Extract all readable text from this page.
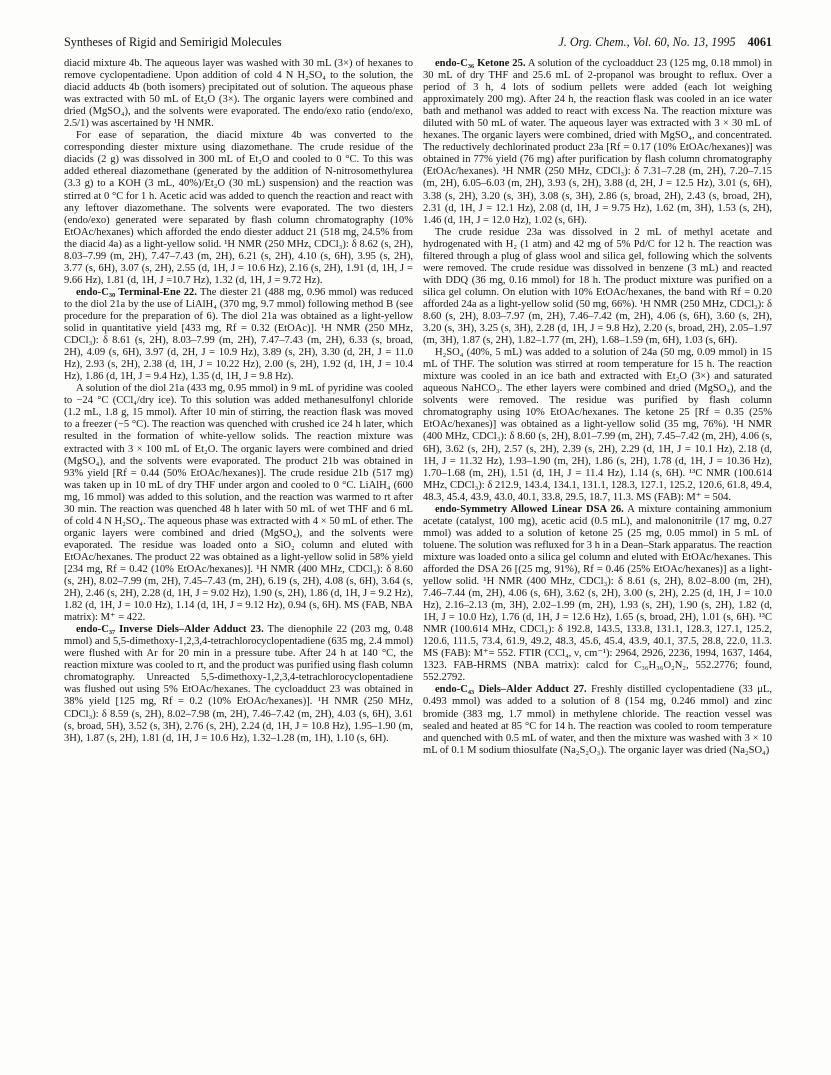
Syntheses of Rigid and Semirigid Molecules	J. Org. Chem., Vol. 60, No. 13, 1995 4061

diacid mixture 4b. The aqueous layer was washed with 30 mL (3×) of hexanes to remove cyclopentadiene. Upon addition of cold 4 N H₂SO₄ to the solution, the diacid adducts 4b (both isomers) precipitated out of solution. The aqueous phase was extracted with 50 mL of Et₂O (3×). The organic layers were combined and dried (MgSO₄), and the solvents were evaporated. The endo/exo ratio (endo/exo, 2.5/1) was ascertained by ¹H NMR.

For ease of separation, the diacid mixture 4b was converted to the corresponding diester mixture using diazomethane. The crude residue of the diacids (2 g) was dissolved in 300 mL of Et₂O and cooled to 0 °C. To this was added ethereal diazomethane (generated by the addition of N-nitrosomethylurea (3.3 g) to a KOH (3 mL, 40%)/Et₂O (30 mL) suspension) and the reaction was stirred at 0 °C for 1 h. Acetic acid was added to quench the reaction and react with any leftover diazomethane. The solvents were evaporated. The two diesters (endo/exo) generated were separated by flash column chromatography (10% EtOAc/hexanes) which afforded the endo diester adduct 21 (518 mg, 24.5% from the diacid 4a) as a light-yellow solid. ¹H NMR (250 MHz, CDCl₃): δ 8.62 (s, 2H), 8.03–7.99 (m, 2H), 7.47–7.43 (m, 2H), 6.21 (s, 2H), 4.10 (s, 6H), 3.95 (s, 2H), 3.77 (s, 6H), 3.07 (s, 2H), 2.55 (d, 1H, J = 10.6 Hz), 2.16 (s, 2H), 1.91 (d, 1H, J = 9.66 Hz), 1.81 (d, 1H, J =10.7 Hz), 1.32 (d, 1H, J = 9.72 Hz).

endo-C₃₀ Terminal-Ene 22. The diester 21 (488 mg, 0.96 mmol) was reduced to the diol 21a by the use of LiAlH₄ (370 mg, 9.7 mmol) following method B (see procedure for the preparation of 6). The diol 21a was obtained as a light-yellow solid in quantitative yield [433 mg, Rf = 0.32 (EtOAc)]. ¹H NMR (250 MHz, CDCl₃): δ 8.61 (s, 2H), 8.03–7.99 (m, 2H), 7.47–7.43 (m, 2H), 6.33 (s, broad, 2H), 4.09 (s, 6H), 3.97 (d, 2H, J = 10.9 Hz), 3.89 (s, 2H), 3.30 (d, 2H, J = 11.0 Hz), 2.93 (s, 2H), 2.38 (d, 1H, J = 10.22 Hz), 2.00 (s, 2H), 1.92 (d, 1H, J = 10.4 Hz), 1.86 (d, 1H, J = 9.4 Hz), 1.35 (d, 1H, J = 9.8 Hz).

A solution of the diol 21a (433 mg, 0.95 mmol) in 9 mL of pyridine was cooled to −24 °C (CCl₄/dry ice). To this solution was added methanesulfonyl chloride (1.2 mL, 1.8 g, 15 mmol). After 10 min of stirring, the reaction flask was moved to a freezer (−5 °C). The reaction was quenched with crushed ice 24 h later, which resulted in the formation of white-yellow solids. The reaction mixture was extracted with 3 × 100 mL of Et₂O. The organic layers were combined and dried (MgSO₄), and the solvents were evaporated. The product 21b was obtained in 93% yield [Rf = 0.44 (50% EtOAc/hexanes)]. The crude residue 21b (517 mg) was taken up in 10 mL of dry THF under argon and cooled to 0 °C. LiAlH₄ (600 mg, 16 mmol) was added to this solution, and the reaction was warmed to rt after 30 min. The reaction was quenched 48 h later with 50 mL of wet THF and 6 mL of cold 4 N H₂SO₄. The aqueous phase was extracted with 4 × 50 mL of ether. The organic layers were combined and dried (MgSO₄), and the solvents were evaporated. The residue was loaded onto a SiO₂ column and eluted with EtOAc/hexanes. The product 22 was obtained as a light-yellow solid in 58% yield [234 mg, Rf = 0.42 (10% EtOAc/hexanes)]. ¹H NMR (400 MHz, CDCl₃): δ 8.60 (s, 2H), 8.02–7.99 (m, 2H), 7.45–7.43 (m, 2H), 6.19 (s, 2H), 4.08 (s, 6H), 3.64 (s, 2H), 2.46 (s, 2H), 2.28 (d, 1H, J = 9.02 Hz), 1.90 (s, 2H), 1.86 (d, 1H, J = 9.2 Hz), 1.82 (d, 1H, J = 10.0 Hz), 1.14 (d, 1H, J = 9.12 Hz), 0.94 (s, 6H). MS (FAB, NBA matrix): M⁺ = 422.

endo-C₃₇ Inverse Diels–Alder Adduct 23. The dienophile 22 (203 mg, 0.48 mmol) and 5,5-dimethoxy-1,2,3,4-tetrachlorocyclopentadiene (635 mg, 2.4 mmol) were flushed with Ar for 20 min in a pressure tube. After 24 h at 140 °C, the reaction mixture was cooled to rt, and the product was purified using flash column chromatography. Unreacted 5,5-dimethoxy-1,2,3,4-tetrachlorocyclopentadiene was flushed out using 5% EtOAc/hexanes. The cycloadduct 23 was obtained in 38% yield [125 mg, Rf = 0.2 (10% EtOAc/hexanes)]. ¹H NMR (250 MHz, CDCl₃): δ 8.59 (s, 2H), 8.02–7.98 (m, 2H), 7.46–7.42 (m, 2H), 4.03 (s, 6H), 3.61 (s, broad, 5H), 3.52 (s, 3H), 2.76 (s, 2H), 2.24 (d, 1H, J = 10.8 Hz), 1.95–1.90 (m, 3H), 1.87 (s, 2H), 1.81 (d, 1H, J = 10.6 Hz), 1.32–1.28 (m, 1H), 1.10 (s, 6H).

endo-C₃₆ Ketone 25. A solution of the cycloadduct 23 (125 mg, 0.18 mmol) in 30 mL of dry THF and 25.6 mL of 2-propanol was brought to reflux. Over a period of 3 h, 4 lots of sodium pellets were added (each lot weighing approximately 200 mg). After 24 h, the reaction flask was cooled in an ice water bath and methanol was added to react with excess Na. The reaction mixture was diluted with 50 mL of water. The aqueous layer was extracted with 3 × 30 mL of hexanes. The organic layers were combined, dried with MgSO₄, and concentrated. The reductively dechlorinated product 23a [Rf = 0.17 (10% EtOAc/hexanes)] was obtained in 77% yield (76 mg) after purification by flash column chromatography (EtOAc/hexanes). ¹H NMR (250 MHz, CDCl₃): δ 7.31–7.28 (m, 2H), 7.20–7.15 (m, 2H), 6.05–6.03 (m, 2H), 3.93 (s, 2H), 3.88 (d, 2H, J = 12.5 Hz), 3.01 (s, 6H), 3.38 (s, 2H), 3.20 (s, 3H), 3.08 (s, 3H), 2.86 (s, broad, 2H), 2.43 (s, broad, 2H), 2.31 (d, 1H, J = 12.1 Hz), 2.08 (d, 1H, J = 9.75 Hz), 1.62 (m, 3H), 1.53 (s, 2H), 1.46 (d, 1H, J = 12.0 Hz), 1.02 (s, 6H).

The crude residue 23a was dissolved in 2 mL of methyl acetate and hydrogenated with H₂ (1 atm) and 42 mg of 5% Pd/C for 12 h. The reaction was filtered through a plug of glass wool and silica gel, following which the solvents were removed. The crude residue was dissolved in benzene (3 mL) and reacted with DDQ (36 mg, 0.16 mmol) for 18 h. The product mixture was purified on a silica gel column. On elution with 10% EtOAc/hexanes, the band with Rf = 0.20 afforded 24a as a light-yellow solid (50 mg, 66%). ¹H NMR (250 MHz, CDCl₃): δ 8.60 (s, 2H), 8.03–7.97 (m, 2H), 7.46–7.42 (m, 2H), 4.06 (s, 6H), 3.60 (s, 2H), 3.20 (s, 3H), 3.25 (s, 3H), 2.28 (d, 1H, J = 9.8 Hz), 2.20 (s, broad, 2H), 2.05–1.97 (m, 3H), 1.87 (s, 2H), 1.82–1.77 (m, 2H), 1.68–1.59 (m, 6H), 1.03 (s, 6H).

H₂SO₄ (40%, 5 mL) was added to a solution of 24a (50 mg, 0.09 mmol) in 15 mL of THF. The solution was stirred at room temperature for 15 h. The reaction mixture was cooled in an ice bath and extracted with Et₂O (3×) and saturated aqueous NaHCO₃. The ether layers were combined and dried (MgSO₄), and the solvents were removed. The residue was purified by flash column chromatography using 10% EtOAc/hexanes. The ketone 25 [Rf = 0.35 (25% EtOAc/hexanes)] was obtained as a light-yellow solid (35 mg, 76%). ¹H NMR (400 MHz, CDCl₃): δ 8.60 (s, 2H), 8.01–7.99 (m, 2H), 7.45–7.42 (m, 2H), 4.06 (s, 6H), 3.62 (s, 2H), 2.57 (s, 2H), 2.39 (s, 2H), 2.29 (d, 1H, J = 10.1 Hz), 2.18 (d, 1H, J = 11.32 Hz), 1.93–1.90 (m, 2H), 1.86 (s, 2H), 1.78 (d, 1H, J = 10.36 Hz), 1.70–1.68 (m, 2H), 1.51 (d, 1H, J = 11.4 Hz), 1.14 (s, 6H). ¹³C NMR (100.614 MHz, CDCl₃): δ 212.9, 143.4, 134.1, 131.1, 128.3, 127.1, 125.2, 120.6, 61.8, 49.4, 48.3, 45.4, 43.9, 43.0, 40.1, 33.8, 29.5, 18.7, 11.3. MS (FAB): M⁺ = 504.

endo-Symmetry Allowed Linear DSA 26. A mixture containing ammonium acetate (catalyst, 100 mg), acetic acid (0.5 mL), and malononitrile (17 mg, 0.27 mmol) was added to a solution of ketone 25 (25 mg, 0.05 mmol) in 5 mL of toluene. The solution was refluxed for 3 h in a Dean–Stark apparatus. The reaction mixture was loaded onto a silica gel column and eluted with EtOAc/hexanes. This afforded the DSA 26 [(25 mg, 91%), Rf = 0.46 (25% EtOAc/hexanes)] as a light-yellow solid. ¹H NMR (400 MHz, CDCl₃): δ 8.61 (s, 2H), 8.02–8.00 (m, 2H), 7.46–7.44 (m, 2H), 4.06 (s, 6H), 3.62 (s, 2H), 3.00 (s, 2H), 2.25 (d, 1H, J = 10.0 Hz), 2.16–2.13 (m, 3H), 2.02–1.99 (m, 2H), 1.93 (s, 2H), 1.90 (s, 2H), 1.82 (d, 1H, J = 10.0 Hz), 1.76 (d, 1H, J = 12.6 Hz), 1.65 (s, broad, 2H), 1.01 (s, 6H). ¹³C NMR (100.614 MHz, CDCl₃): δ 192.8, 143.5, 133.8, 131.1, 128.3, 127.1, 125.2, 120.6, 111.5, 73.4, 61.9, 49.2, 48.3, 45.6, 45.4, 43.9, 40.1, 37.5, 28.8, 22.0, 11.3. MS (FAB): M⁺= 552. FTIR (CCl₄, ν, cm⁻¹): 2964, 2926, 2236, 1994, 1637, 1464, 1323. FAB-HRMS (NBA matrix): calcd for C₃₆H₃₆O₂N₂, 552.2776; found, 552.2792.

endo-C₄₃ Diels–Alder Adduct 27. Freshly distilled cyclopentadiene (33 μL, 0.493 mmol) was added to a solution of 8 (154 mg, 0.246 mmol) and zinc bromide (383 mg, 1.7 mmol) in methylene chloride. The reaction vessel was sealed and heated at 85 °C for 14 h. The reaction was cooled to room temperature and quenched with 0.5 mL of water, and then the mixture was washed with 3 × 10 mL of 0.1 M sodium thiosulfate (Na₂S₂O₃). The organic layer was dried (Na₂SO₄)
